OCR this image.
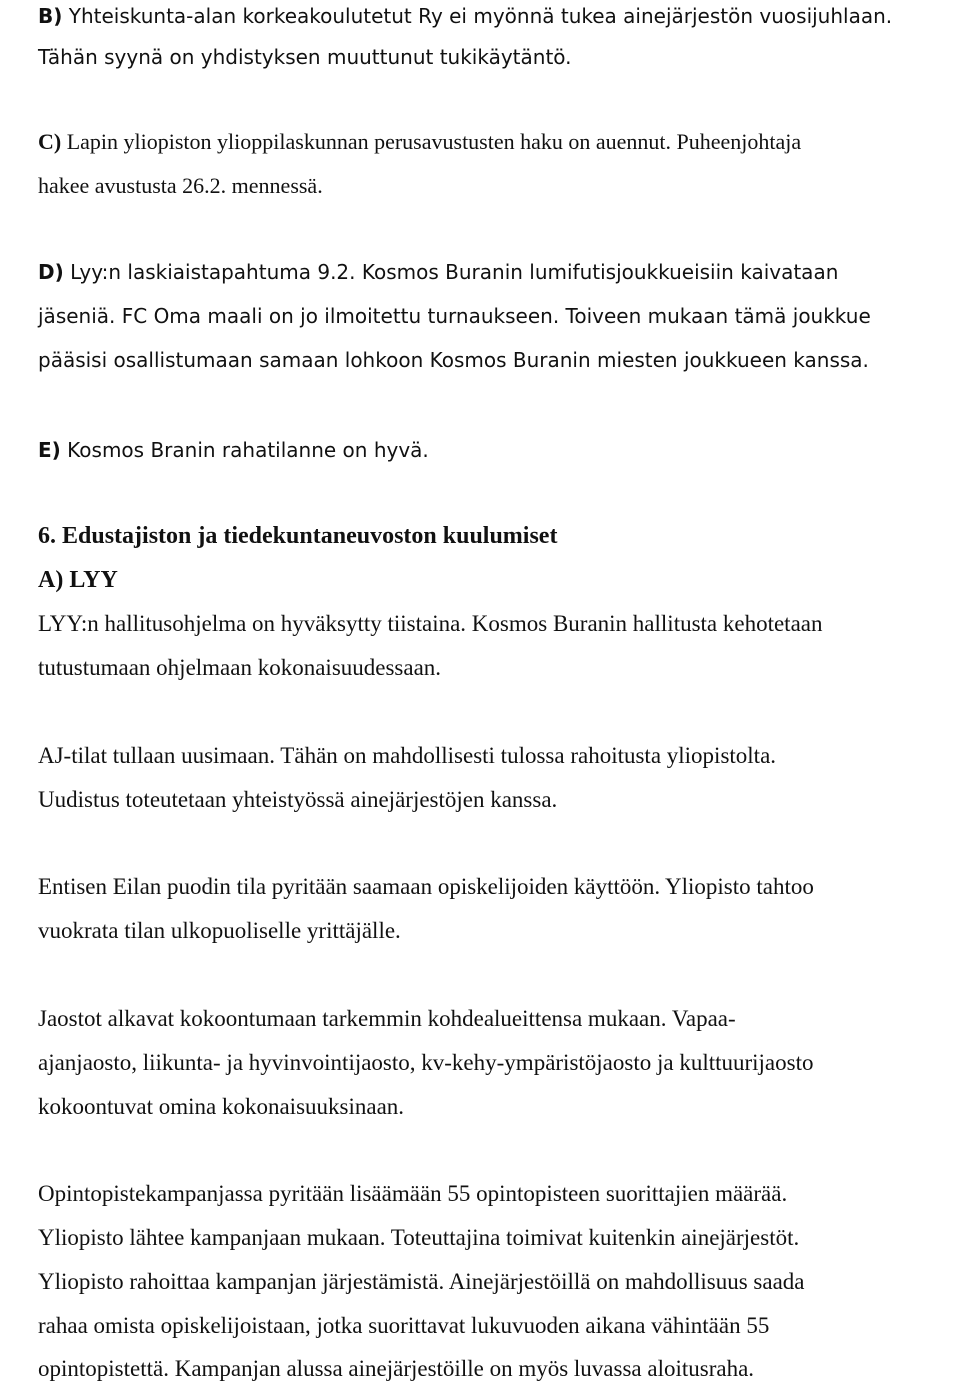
B) Yhteiskunta-alan korkeakoulutetut Ry ei myönnä tukea ainejärjestön vuosijuhlaan.
Tähän syynä on yhdistyksen muuttunut tukikäytäntö.
C) Lapin yliopiston ylioppilaskunnan perusavustusten haku on auennut. Puheenjohtaja
hakee avustusta 26.2. mennessä.
D) Lyy:n laskiaistapahtuma 9.2. Kosmos Buranin lumifutisjoukkueisiin kaivataan
jäseniä. FC Oma maali on jo ilmoitettu turnaukseen. Toiveen mukaan tämä joukkue
pääsisi osallistumaan samaan lohkoon Kosmos Buranin miesten joukkueen kanssa.
E) Kosmos Branin rahatilanne on hyvä.
6. Edustajiston ja tiedekuntaneuvoston kuulumiset
A) LYY
LYY:n hallitusohjelma on hyväksytty tiistaina. Kosmos Buranin hallitusta kehotetaan
tutustumaan ohjelmaan kokonaisuudessaan.
AJ-tilat tullaan uusimaan. Tähän on mahdollisesti tulossa rahoitusta yliopistolta.
Uudistus toteutetaan yhteistyössä ainejärjestöjen kanssa.
Entisen Eilan puodin tila pyritään saamaan opiskelijoiden käyttöön. Yliopisto tahtoo
vuokrata tilan ulkopuoliselle yrittäjälle.
Jaostot alkavat kokoontumaan tarkemmin kohdealueittensa mukaan. Vapaa-
ajanjaosto, liikunta- ja hyvinvointijaosto, kv-kehy-ympäristöjaosto ja kulttuurijaosto
kokoontuvat omina kokonaisuuksinaan.
Opintopistekampanjassa pyritään lisäämään 55 opintopisteen suorittajien määrää.
Yliopisto lähtee kampanjaan mukaan. Toteuttajina toimivat kuitenkin ainejärjestöt.
Yliopisto rahoittaa kampanjan järjestämistä. Ainejärjestöillä on mahdollisuus saada
rahaa omista opiskelijoistaan, jotka suorittavat lukuvuoden aikana vähintään 55
opintopistettä. Kampanjan alussa ainejärjestöille on myös luvassa aloitusraha.
